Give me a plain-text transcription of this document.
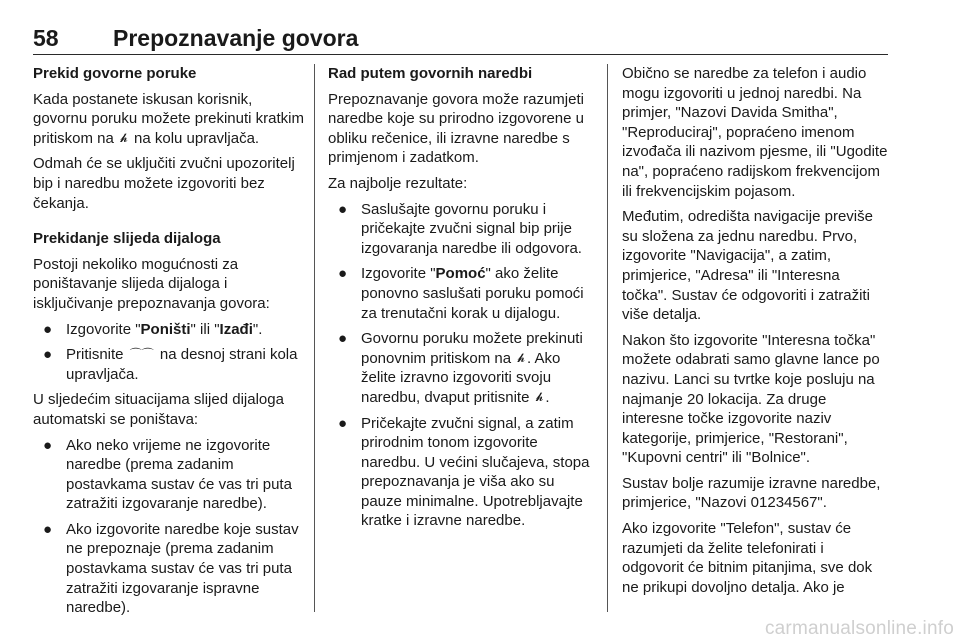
58 Prepoznavanje govora

Prekid govorne poruke

Kada postanete iskusan korisnik, govornu poruku možete prekinuti kratkim pritiskom na 𝓱︎ na kolu upravljača.

Odmah će se uključiti zvučni upozoritelj bip i naredbu možete izgovoriti bez čekanja.

Prekidanje slijeda dijaloga

Postoji nekoliko mogućnosti za poništavanje slijeda dijaloga i isključivanje prepoznavanja govora:

● Izgovorite "Poništi" ili "Izađi".
● Pritisnite ⌒⌒ na desnoj strani kola upravljača.

U sljedećim situacijama slijed dijaloga automatski se poništava:

● Ako neko vrijeme ne izgovorite naredbe (prema zadanim postavkama sustav će vas tri puta zatražiti izgovaranje naredbe).
● Ako izgovorite naredbe koje sustav ne prepoznaje (prema zadanim postavkama sustav će vas tri puta zatražiti izgovaranje ispravne naredbe).

Rad putem govornih naredbi

Prepoznavanje govora može razumjeti naredbe koje su prirodno izgovorene u obliku rečenice, ili izravne naredbe s primjenom i zadatkom.

Za najbolje rezultate:

● Saslušajte govornu poruku i pričekajte zvučni signal bip prije izgovaranja naredbe ili odgovora.
● Izgovorite "Pomoć" ako želite ponovno saslušati poruku pomoći za trenutačni korak u dijalogu.
● Govornu poruku možete prekinuti ponovnim pritiskom na 𝓱︎ . Ako želite izravno izgovoriti svoju naredbu, dvaput pritisnite 𝓱︎ .
● Pričekajte zvučni signal, a zatim prirodnim tonom izgovorite naredbu. U većini slučajeva, stopa prepoznavanja je viša ako su pauze minimalne. Upotrebljavajte kratke i izravne naredbe.

Obično se naredbe za telefon i audio mogu izgovoriti u jednoj naredbi. Na primjer, "Nazovi Davida Smitha", "Reproduciraj", popraćeno imenom izvođača ili nazivom pjesme, ili "Ugodite na", popraćeno radijskom frekvencijom ili frekvencijskim pojasom.

Međutim, odredišta navigacije previše su složena za jednu naredbu. Prvo, izgovorite "Navigacija", a zatim, primjerice, "Adresa" ili "Interesna točka". Sustav će odgovoriti i zatražiti više detalja.

Nakon što izgovorite "Interesna točka" možete odabrati samo glavne lance po nazivu. Lanci su tvrtke koje posluju na najmanje 20 lokacija. Za druge interesne točke izgovorite naziv kategorije, primjerice, "Restorani", "Kupovni centri" ili "Bolnice".

Sustav bolje razumije izravne naredbe, primjerice, "Nazovi 01234567".

Ako izgovorite "Telefon", sustav će razumjeti da želite telefonirati i odgovorit će bitnim pitanjima, sve dok ne prikupi dovoljno detalja. Ako je

carmanualsonline.info
